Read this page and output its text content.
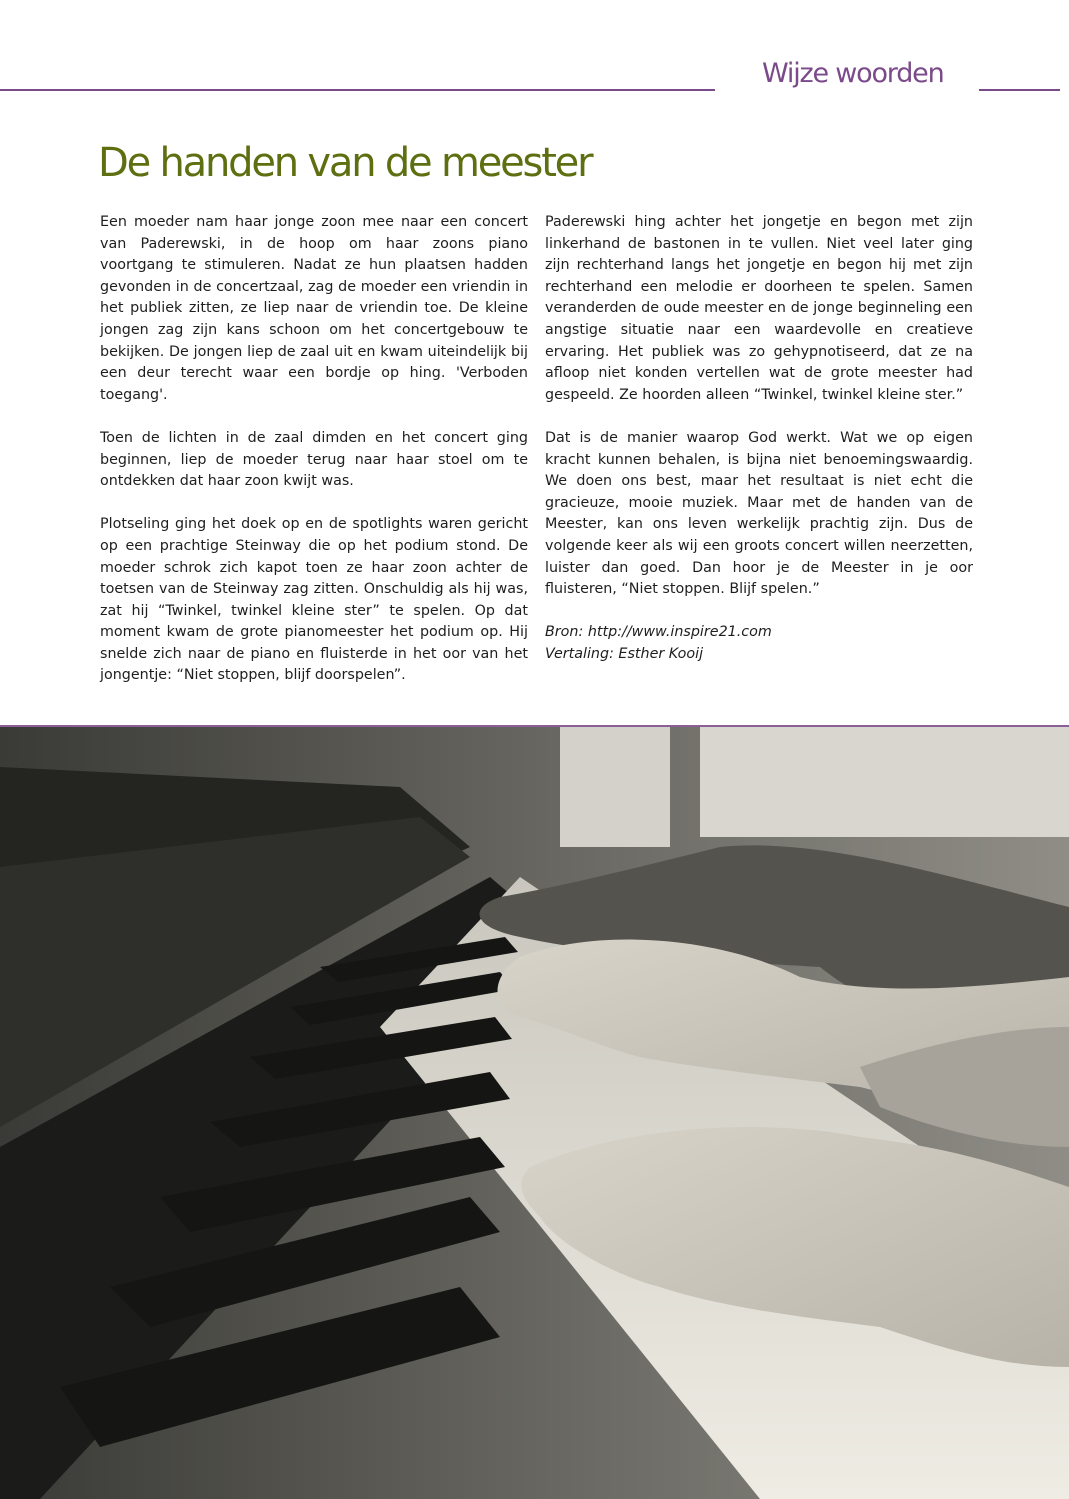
Wijze woorden
De handen van de meester

Een moeder nam haar jonge zoon mee naar een concert van Paderewski, in de hoop om haar zoons piano voortgang te stimuleren. Nadat ze hun plaatsen hadden gevonden in de concertzaal, zag de moeder een vriendin in het publiek zitten, ze liep naar de vriendin toe. De kleine jongen zag zijn kans schoon om het concertgebouw te bekijken. De jongen liep de zaal uit en kwam uiteindelijk bij een deur terecht waar een bordje op hing. 'Verboden toegang'.

Toen de lichten in de zaal dimden en het concert ging beginnen, liep de moeder terug naar haar stoel om te ontdekken dat haar zoon kwijt was.

Plotseling ging het doek op en de spotlights waren gericht op een prachtige Steinway die op het podium stond. De moeder schrok zich kapot toen ze haar zoon achter de toetsen van de Steinway zag zitten. Onschuldig als hij was, zat hij “Twinkel, twinkel kleine ster” te spelen. Op dat moment kwam de grote pianomeester het podium op. Hij snelde zich naar de piano en fluisterde in het oor van het jongentje: “Niet stoppen, blijf doorspelen”.

Paderewski hing achter het jongetje en begon met zijn linkerhand de bastonen in te vullen. Niet veel later ging zijn rechterhand langs het jongetje en begon hij met zijn rechterhand een melodie er doorheen te spelen. Samen veranderden de oude meester en de jonge beginneling een angstige situatie naar een waardevolle en creatieve ervaring. Het publiek was zo gehypnotiseerd, dat ze na afloop niet konden vertellen wat de grote meester had gespeeld. Ze hoorden alleen “Twinkel, twinkel kleine ster.”

Dat is de manier waarop God werkt. Wat we op eigen kracht kunnen behalen, is bijna niet benoemingswaardig. We doen ons best, maar het resultaat is niet echt die gracieuze, mooie muziek. Maar met de handen van de Meester, kan ons leven werkelijk prachtig zijn. Dus de volgende keer als wij een groots concert willen neerzetten, luister dan goed. Dan hoor je de Meester in je oor fluisteren, “Niet stoppen. Blijf spelen.”

Bron: http://www.inspire21.com

Vertaling: Esther Kooij
